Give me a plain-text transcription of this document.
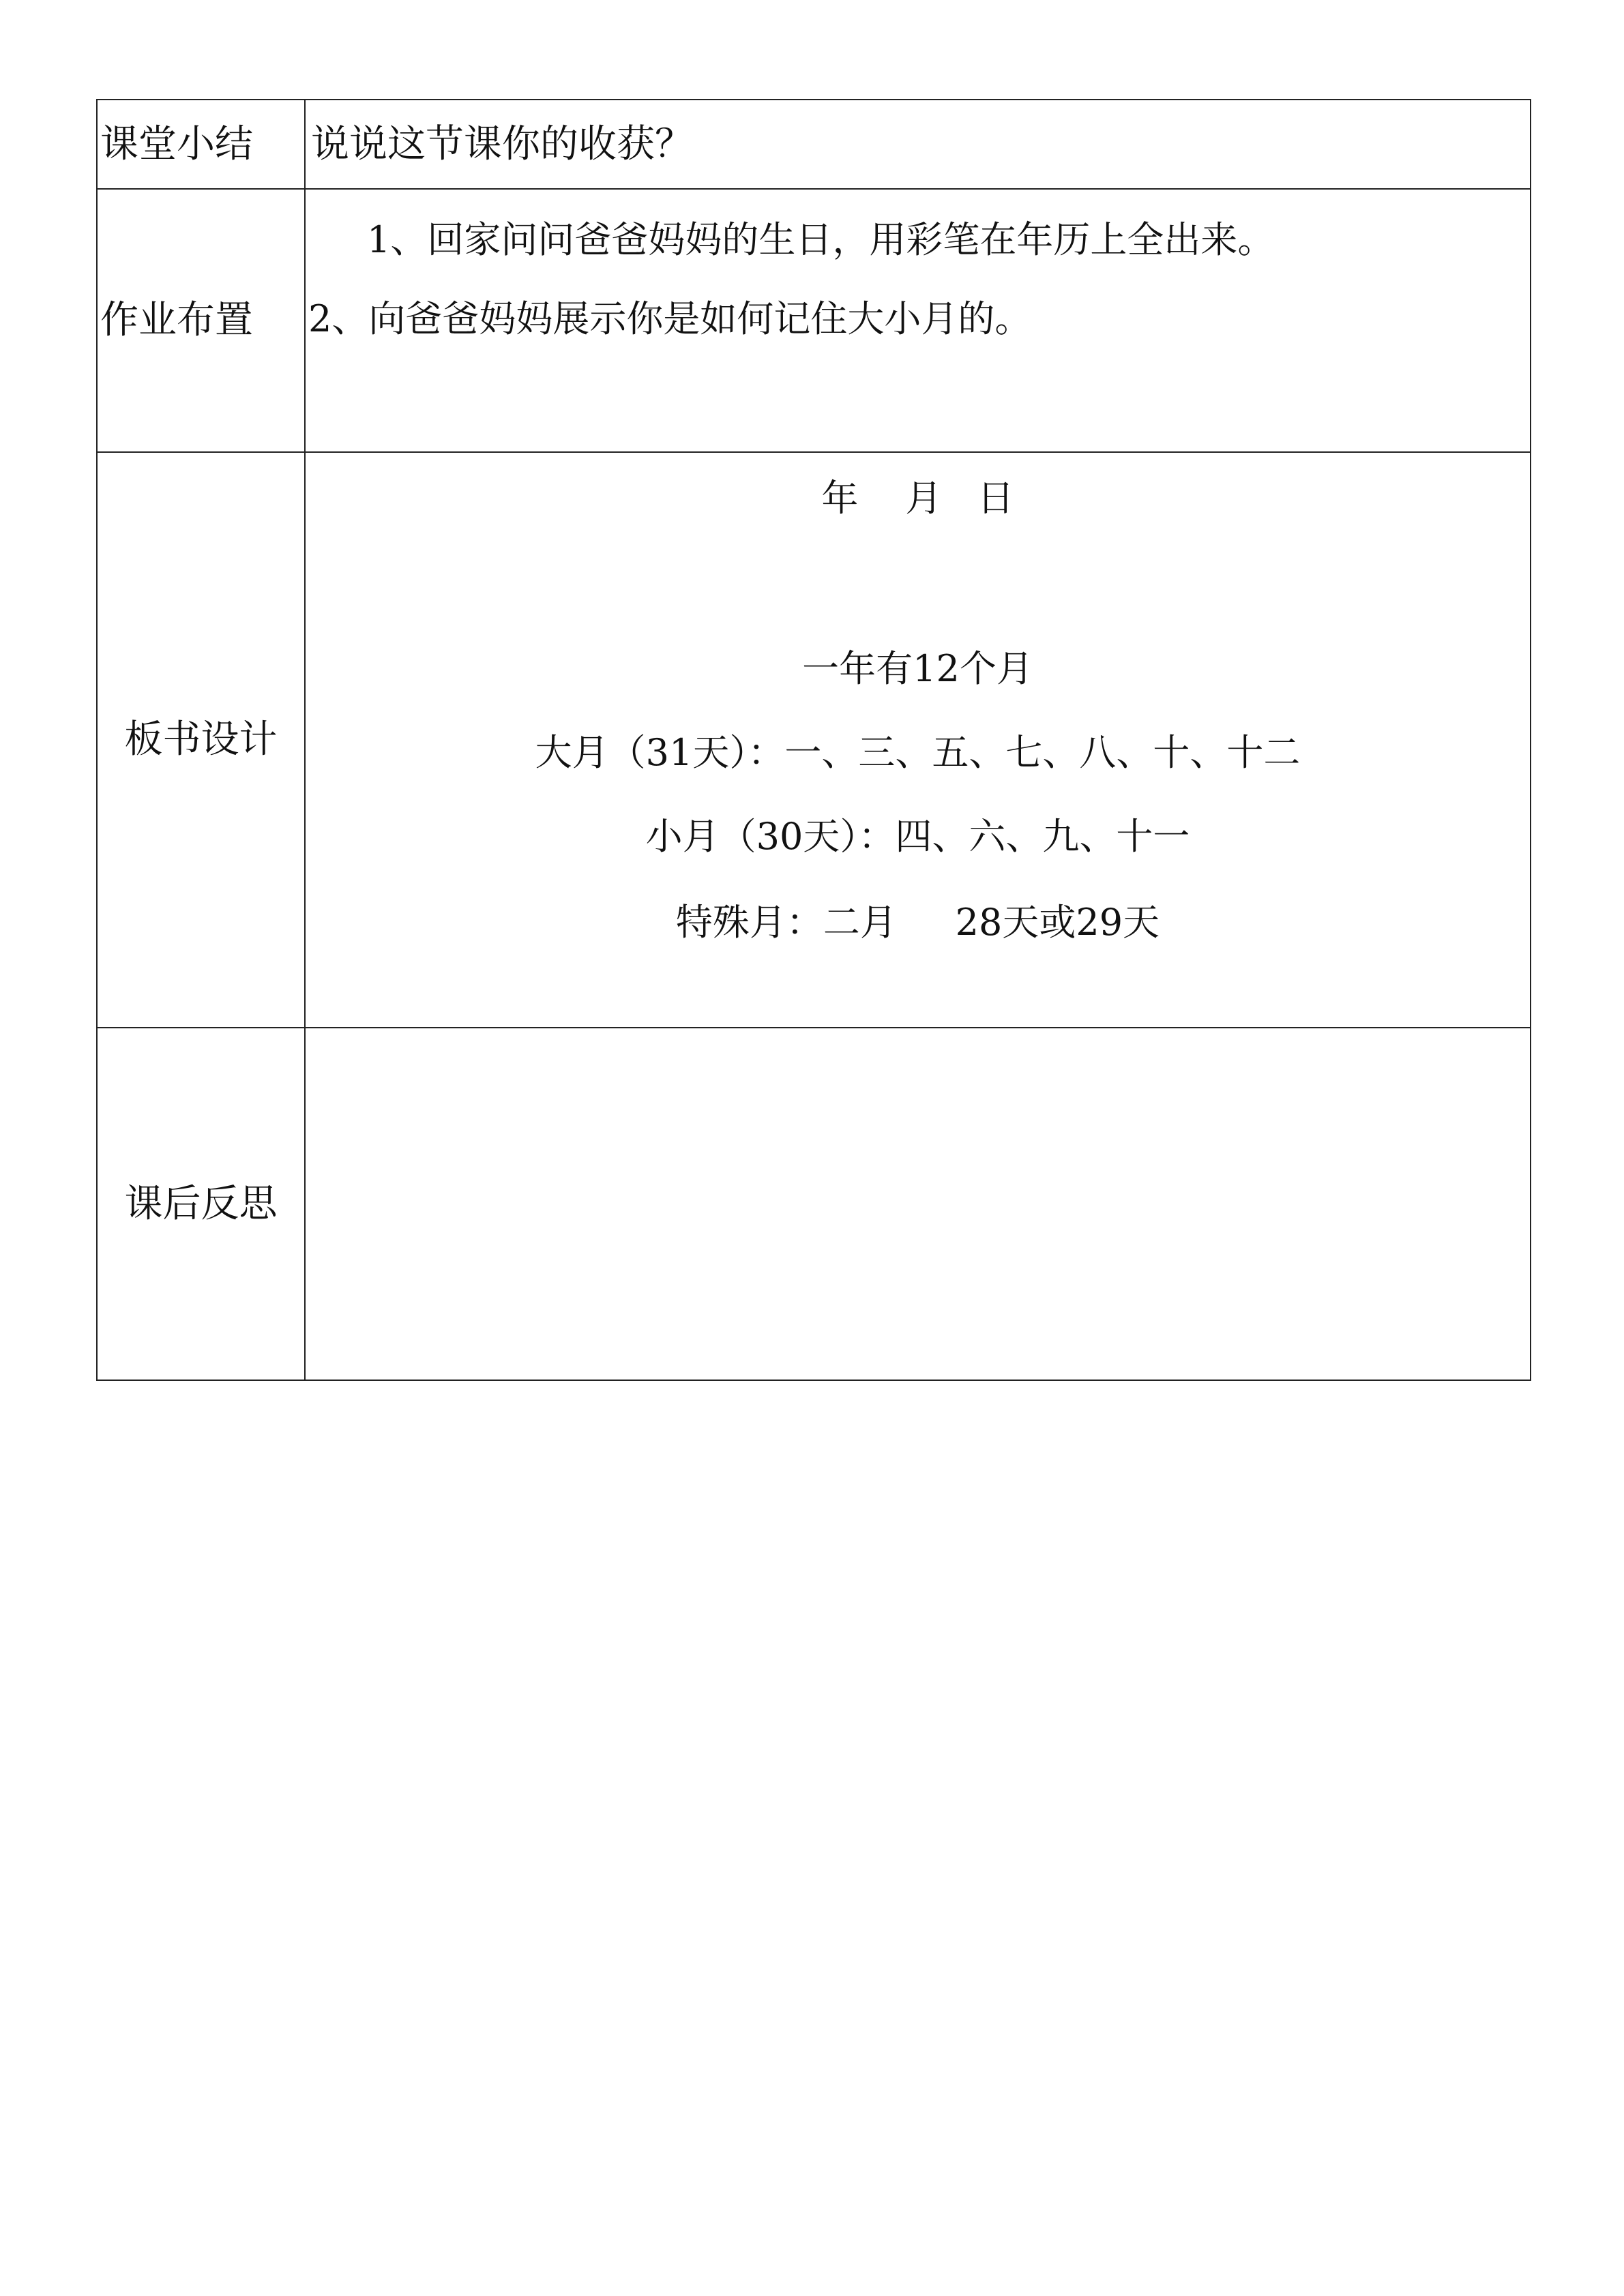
课堂小结	说说这节课你的收获？

作业布置	1、回家问问爸爸妈妈的生日，用彩笔在年历上全出来。
2、向爸爸妈妈展示你是如何记住大小月的。

板书设计	年    月   日
一年有12个月
大月（31天）：一、三、五、七、八、十、十二
小月（30天）：四、六、九、十一
特殊月：二月     28天或29天

课后反思	
